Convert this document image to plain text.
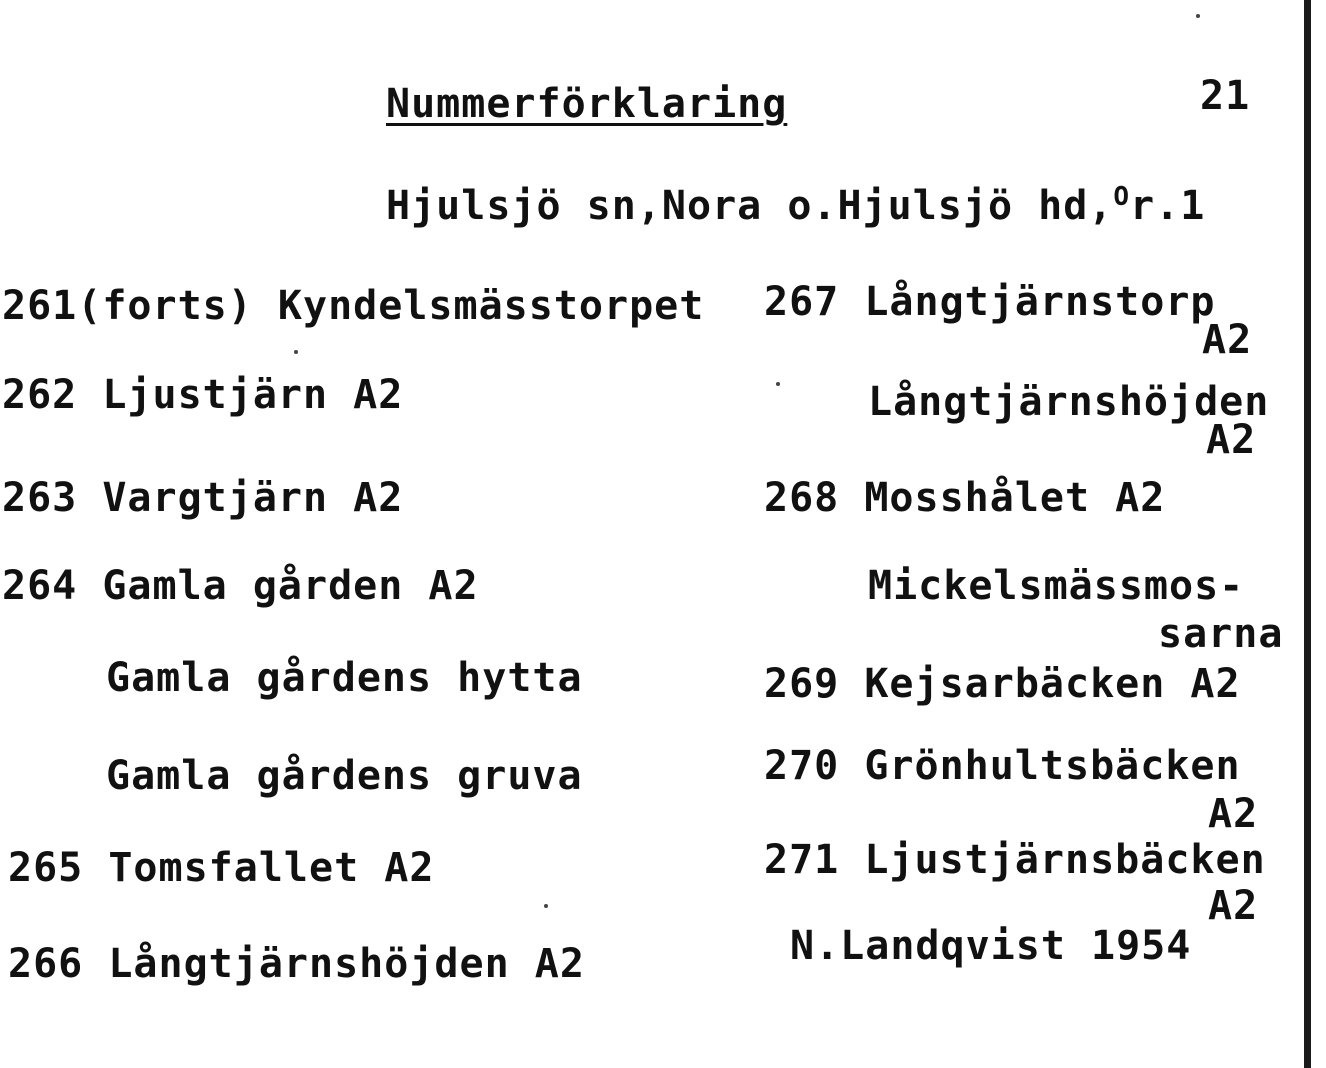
Nummerförklaring	21
Hjulsjö sn,Nora o.Hjulsjö hd,$^O$r.1
261(forts) Kyndelsmässtorpet
262 Ljustjärn A2
263 Vargtjärn A2
264 Gamla gården A2
Gamla gårdens hytta
Gamla gårdens gruva
265 Tomsfallet A2
266 Långtjärnshöjden A2
267 Långtjärnstorp
A2
Långtjärnshöjden
A2
268 Mosshålet A2
Mickelsmässmos-
sarna
269 Kejsarbäcken A2
270 Grönhultsbäcken
A2
271 Ljustjärnsbäcken
A2
N.Landqvist 1954
